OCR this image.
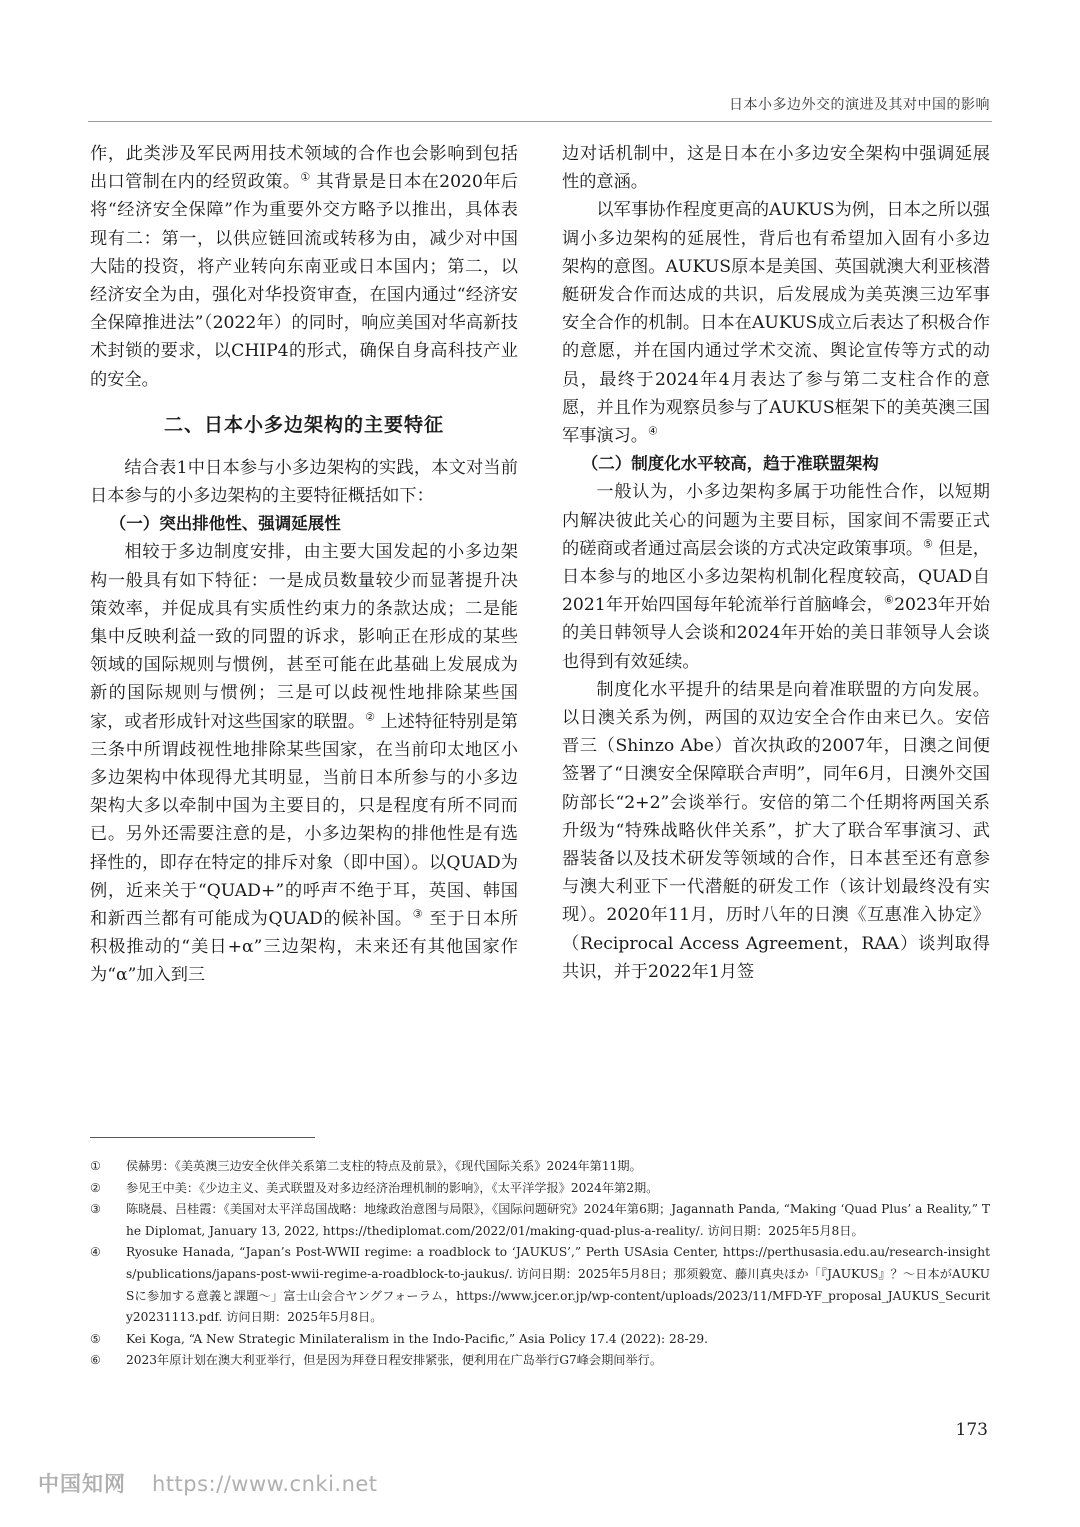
日本小多边外交的演进及其对中国的影响

作，此类涉及军民两用技术领域的合作也会影响到包括出口管制在内的经贸政策。① 其背景是日本在2020年后将“经济安全保障”作为重要外交方略予以推出，具体表现有二：第一，以供应链回流或转移为由，减少对中国大陆的投资，将产业转向东南亚或日本国内；第二，以经济安全为由，强化对华投资审查，在国内通过“经济安全保障推进法”（2022年）的同时，响应美国对华高新技术封锁的要求，以CHIP4的形式，确保自身高科技产业的安全。

二、日本小多边架构的主要特征

结合表1中日本参与小多边架构的实践，本文对当前日本参与的小多边架构的主要特征概括如下：

（一）突出排他性、强调延展性

相较于多边制度安排，由主要大国发起的小多边架构一般具有如下特征：一是成员数量较少而显著提升决策效率，并促成具有实质性约束力的条款达成；二是能集中反映利益一致的同盟的诉求，影响正在形成的某些领域的国际规则与惯例，甚至可能在此基础上发展成为新的国际规则与惯例；三是可以歧视性地排除某些国家，或者形成针对这些国家的联盟。② 上述特征特别是第三条中所谓歧视性地排除某些国家，在当前印太地区小多边架构中体现得尤其明显，当前日本所参与的小多边架构大多以牵制中国为主要目的，只是程度有所不同而已。另外还需要注意的是，小多边架构的排他性是有选择性的，即存在特定的排斥对象（即中国）。以QUAD为例，近来关于“QUAD+”的呼声不绝于耳，英国、韩国和新西兰都有可能成为QUAD的候补国。③ 至于日本所积极推动的“美日+α”三边架构，未来还有其他国家作为“α”加入到三

边对话机制中，这是日本在小多边安全架构中强调延展性的意涵。

以军事协作程度更高的AUKUS为例，日本之所以强调小多边架构的延展性，背后也有希望加入固有小多边架构的意图。AUKUS原本是美国、英国就澳大利亚核潜艇研发合作而达成的共识，后发展成为美英澳三边军事安全合作的机制。日本在AUKUS成立后表达了积极合作的意愿，并在国内通过学术交流、舆论宣传等方式的动员，最终于2024年4月表达了参与第二支柱合作的意愿，并且作为观察员参与了AUKUS框架下的美英澳三国军事演习。④

（二）制度化水平较高，趋于准联盟架构

一般认为，小多边架构多属于功能性合作，以短期内解决彼此关心的问题为主要目标，国家间不需要正式的磋商或者通过高层会谈的方式决定政策事项。⑤ 但是，日本参与的地区小多边架构机制化程度较高，QUAD自2021年开始四国每年轮流举行首脑峰会，⑥2023年开始的美日韩领导人会谈和2024年开始的美日菲领导人会谈也得到有效延续。

制度化水平提升的结果是向着准联盟的方向发展。以日澳关系为例，两国的双边安全合作由来已久。安倍晋三（Shinzo Abe）首次执政的2007年，日澳之间便签署了“日澳安全保障联合声明”，同年6月，日澳外交国防部长“2+2”会谈举行。安倍的第二个任期将两国关系升级为“特殊战略伙伴关系”，扩大了联合军事演习、武器装备以及技术研发等领域的合作，日本甚至还有意参与澳大利亚下一代潜艇的研发工作（该计划最终没有实现）。2020年11月，历时八年的日澳《互惠准入协定》（Reciprocal Access Agreement，RAA）谈判取得共识，并于2022年1月签

①	侯赫男：《美英澳三边安全伙伴关系第二支柱的特点及前景》，《现代国际关系》2024年第11期。
②	参见王中美：《少边主义、美式联盟及对多边经济治理机制的影响》，《太平洋学报》2024年第2期。
③	陈晓晨、吕桂霞：《美国对太平洋岛国战略：地缘政治意图与局限》，《国际问题研究》2024年第6期；Jagannath Panda, “Making ‘Quad Plus’ a Reality,” The Diplomat, January 13, 2022, https://thediplomat.com/2022/01/making-quad-plus-a-reality/. 访问日期：2025年5月8日。
④	Ryosuke Hanada, “Japan’s Post-WWII regime: a roadblock to ‘JAUKUS’,” Perth USAsia Center, https://perthusasia.edu.au/research-insights/publications/japans-post-wwii-regime-a-roadblock-to-jaukus/. 访问日期：2025年5月8日；那须毅宽、藤川真央ほか「『JAUKUS』？～日本がAUKUSに参加する意義と課題～」富士山会合ヤングフォーラム，https://www.jcer.or.jp/wp-content/uploads/2023/11/MFD-YF_proposal_JAUKUS_Security20231113.pdf. 访问日期：2025年5月8日。
⑤	Kei Koga, “A New Strategic Minilateralism in the Indo-Pacific,” Asia Policy 17.4 (2022): 28-29.
⑥	2023年原计划在澳大利亚举行，但是因为拜登日程安排紧张，便利用在广岛举行G7峰会期间举行。
173
中国知网 https://www.cnki.net
